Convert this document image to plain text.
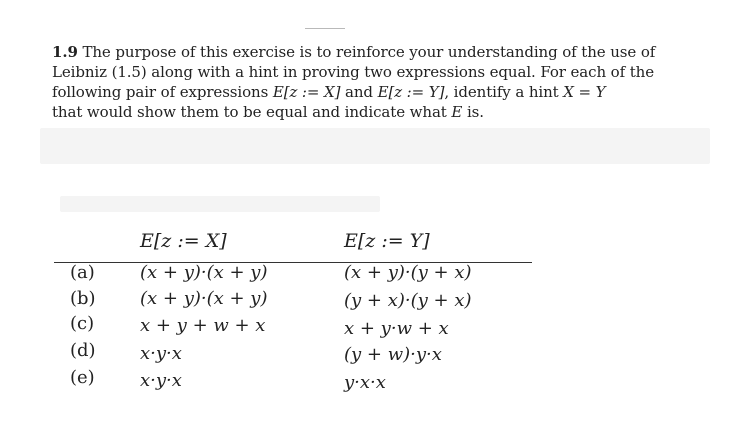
1.9 The purpose of this exercise is to reinforce your understanding of the use of
Leibniz (1.5) along with a hint in proving two expressions equal. For each of the
following pair of expressions E[z := X] and E[z := Y], identify a hint X = Y
that would show them to be equal and indicate what E is.
E[z := X]	E[z := Y]
(a)	(x + y)·(x + y)	(x + y)·(y + x)
(b) (x + y)·(x + y)	(y + x)·(y + x)
(c)	x + y + w + x	x + y·w + x
(d) x·y·x	(y + w)·y·x
(e)	x·y·x	y·x·x
